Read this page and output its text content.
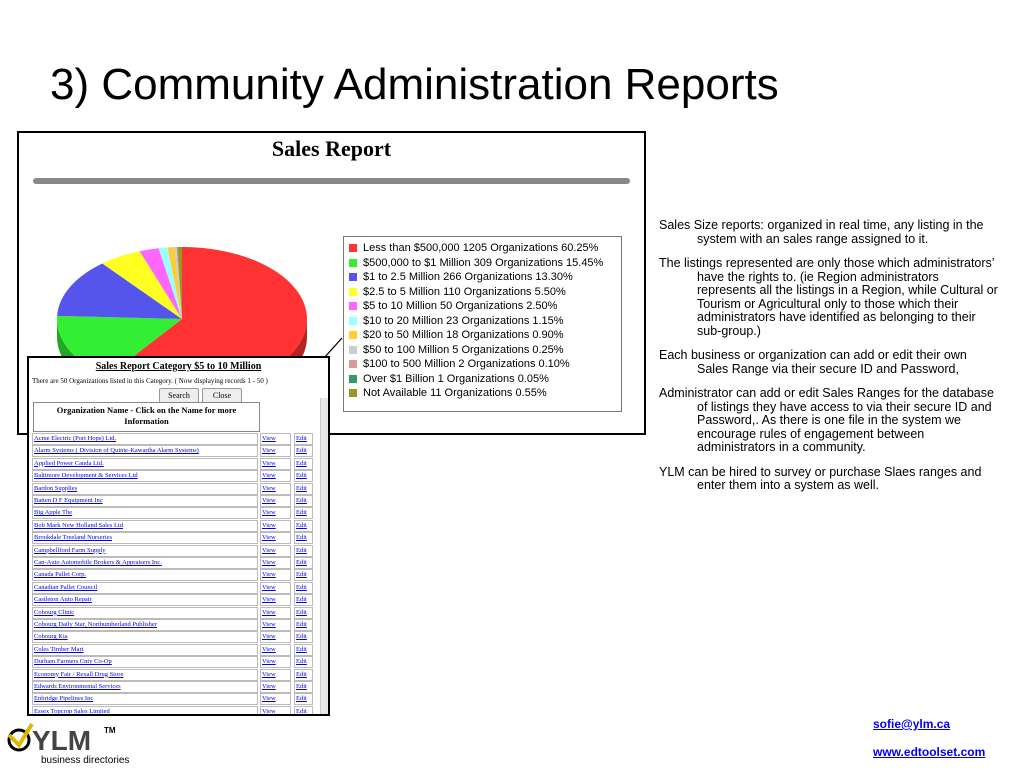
3) Community Administration Reports
Sales Report
Less than $500,000 1205 Organizations 60.25%
$500,000 to $1 Million 309 Organizations 15.45%
$1 to 2.5 Million 266 Organizations 13.30%
$2.5 to 5 Million 110 Organizations 5.50%
$5 to 10 Million 50 Organizations 2.50%
$10 to 20 Million 23 Organizations 1.15%
$20 to 50 Million 18 Organizations 0.90%
$50 to 100 Million 5 Organizations 0.25%
$100 to 500 Million 2 Organizations 0.10%
Over $1 Billion 1 Organizations 0.05%
Not Available 11 Organizations 0.55%
Sales Report Category $5 to 10 Million
There are 50 Organizations listed in this Category. ( Now displaying records 1 - 50 )
Search	Close
Organization Name - Click on the Name for more Information
Acme Electric (Port Hope) Ltd.	View	Edit
Alarm Systems ( Division of Quinte-Kawartha Alarm Systems)	View	Edit
Applied Power Canda Ltd.	View	Edit
Baltimore Development & Services Ltd	View	Edit
Bardon Supplies	View	Edit
Batten D F Equipment Inc	View	Edit
Big Apple The	View	Edit
Bob Mark New Holland Sales Ltd	View	Edit
Brookdale Treeland Nurseries	View	Edit
Campbellford Farm Supply	View	Edit
Can-Auto Automobile Brokers & Appraisers Inc.	View	Edit
Canada Pallet Corp.	View	Edit
Canadian Pallet Council	View	Edit
Castleton Auto Repair	View	Edit
Cobourg Clinic	View	Edit
Cobourg Daily Star, Northumberland Publisher	View	Edit
Cobourg Kia	View	Edit
Coles Timber Mart	View	Edit
Durham Farmers Cnty Co-Op	View	Edit
Economy Fair / Rexall Drug Store	View	Edit
Edwards Environmental Services	View	Edit
Enbridge Pipelines Inc	View	Edit
Essex Topcrop Sales Limited	View	Edit

Sales Size reports: organized in real time, any listing in the system with an sales range assigned to it.

The listings represented are only those which administrators’ have the rights to. (ie Region administrators represents all the listings in a Region, while Cultural or Tourism or Agricultural only to those which their administrators have identified as belonging to their sub-group.)

Each business or organization can add or edit their own Sales Range via their secure ID and Password,

Administrator can add or edit Sales Ranges for the database of listings they have access to via their secure ID and Password,. As there is one file in the system we encourage rules of engagement between administrators in a community.

YLM can be hired to survey or purchase Slaes ranges and enter them into a system as well.

sofie@ylm.ca
www.edtoolset.com
YLM TM
business directories
